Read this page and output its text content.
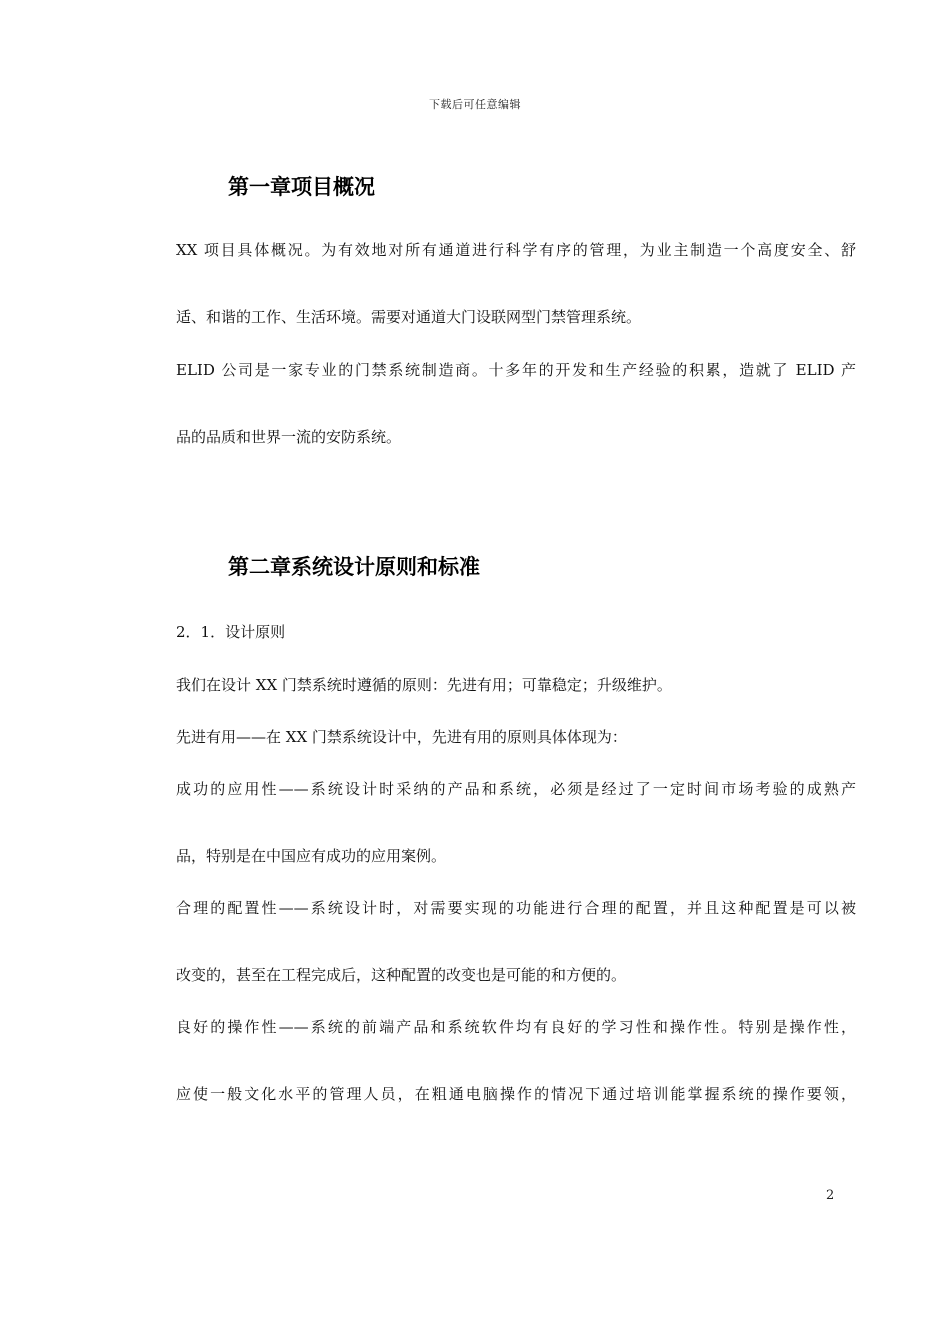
下载后可任意编辑
第一章项目概况
XX 项目具体概况。为有效地对所有通道进行科学有序的管理，为业主制造一个高度安全、舒
适、和谐的工作、生活环境。需要对通道大门设联网型门禁管理系统。
ELID 公司是一家专业的门禁系统制造商。十多年的开发和生产经验的积累，造就了 ELID 产
品的品质和世界一流的安防系统。
第二章系统设计原则和标准
2．1．设计原则
我们在设计 XX 门禁系统时遵循的原则：先进有用；可靠稳定；升级维护。
先进有用——在 XX 门禁系统设计中，先进有用的原则具体体现为：
成功的应用性——系统设计时采纳的产品和系统，必须是经过了一定时间市场考验的成熟产
品，特别是在中国应有成功的应用案例。
合理的配置性——系统设计时，对需要实现的功能进行合理的配置，并且这种配置是可以被
改变的，甚至在工程完成后，这种配置的改变也是可能的和方便的。
良好的操作性——系统的前端产品和系统软件均有良好的学习性和操作性。特别是操作性，
应使一般文化水平的管理人员，在粗通电脑操作的情况下通过培训能掌握系统的操作要领，
2
